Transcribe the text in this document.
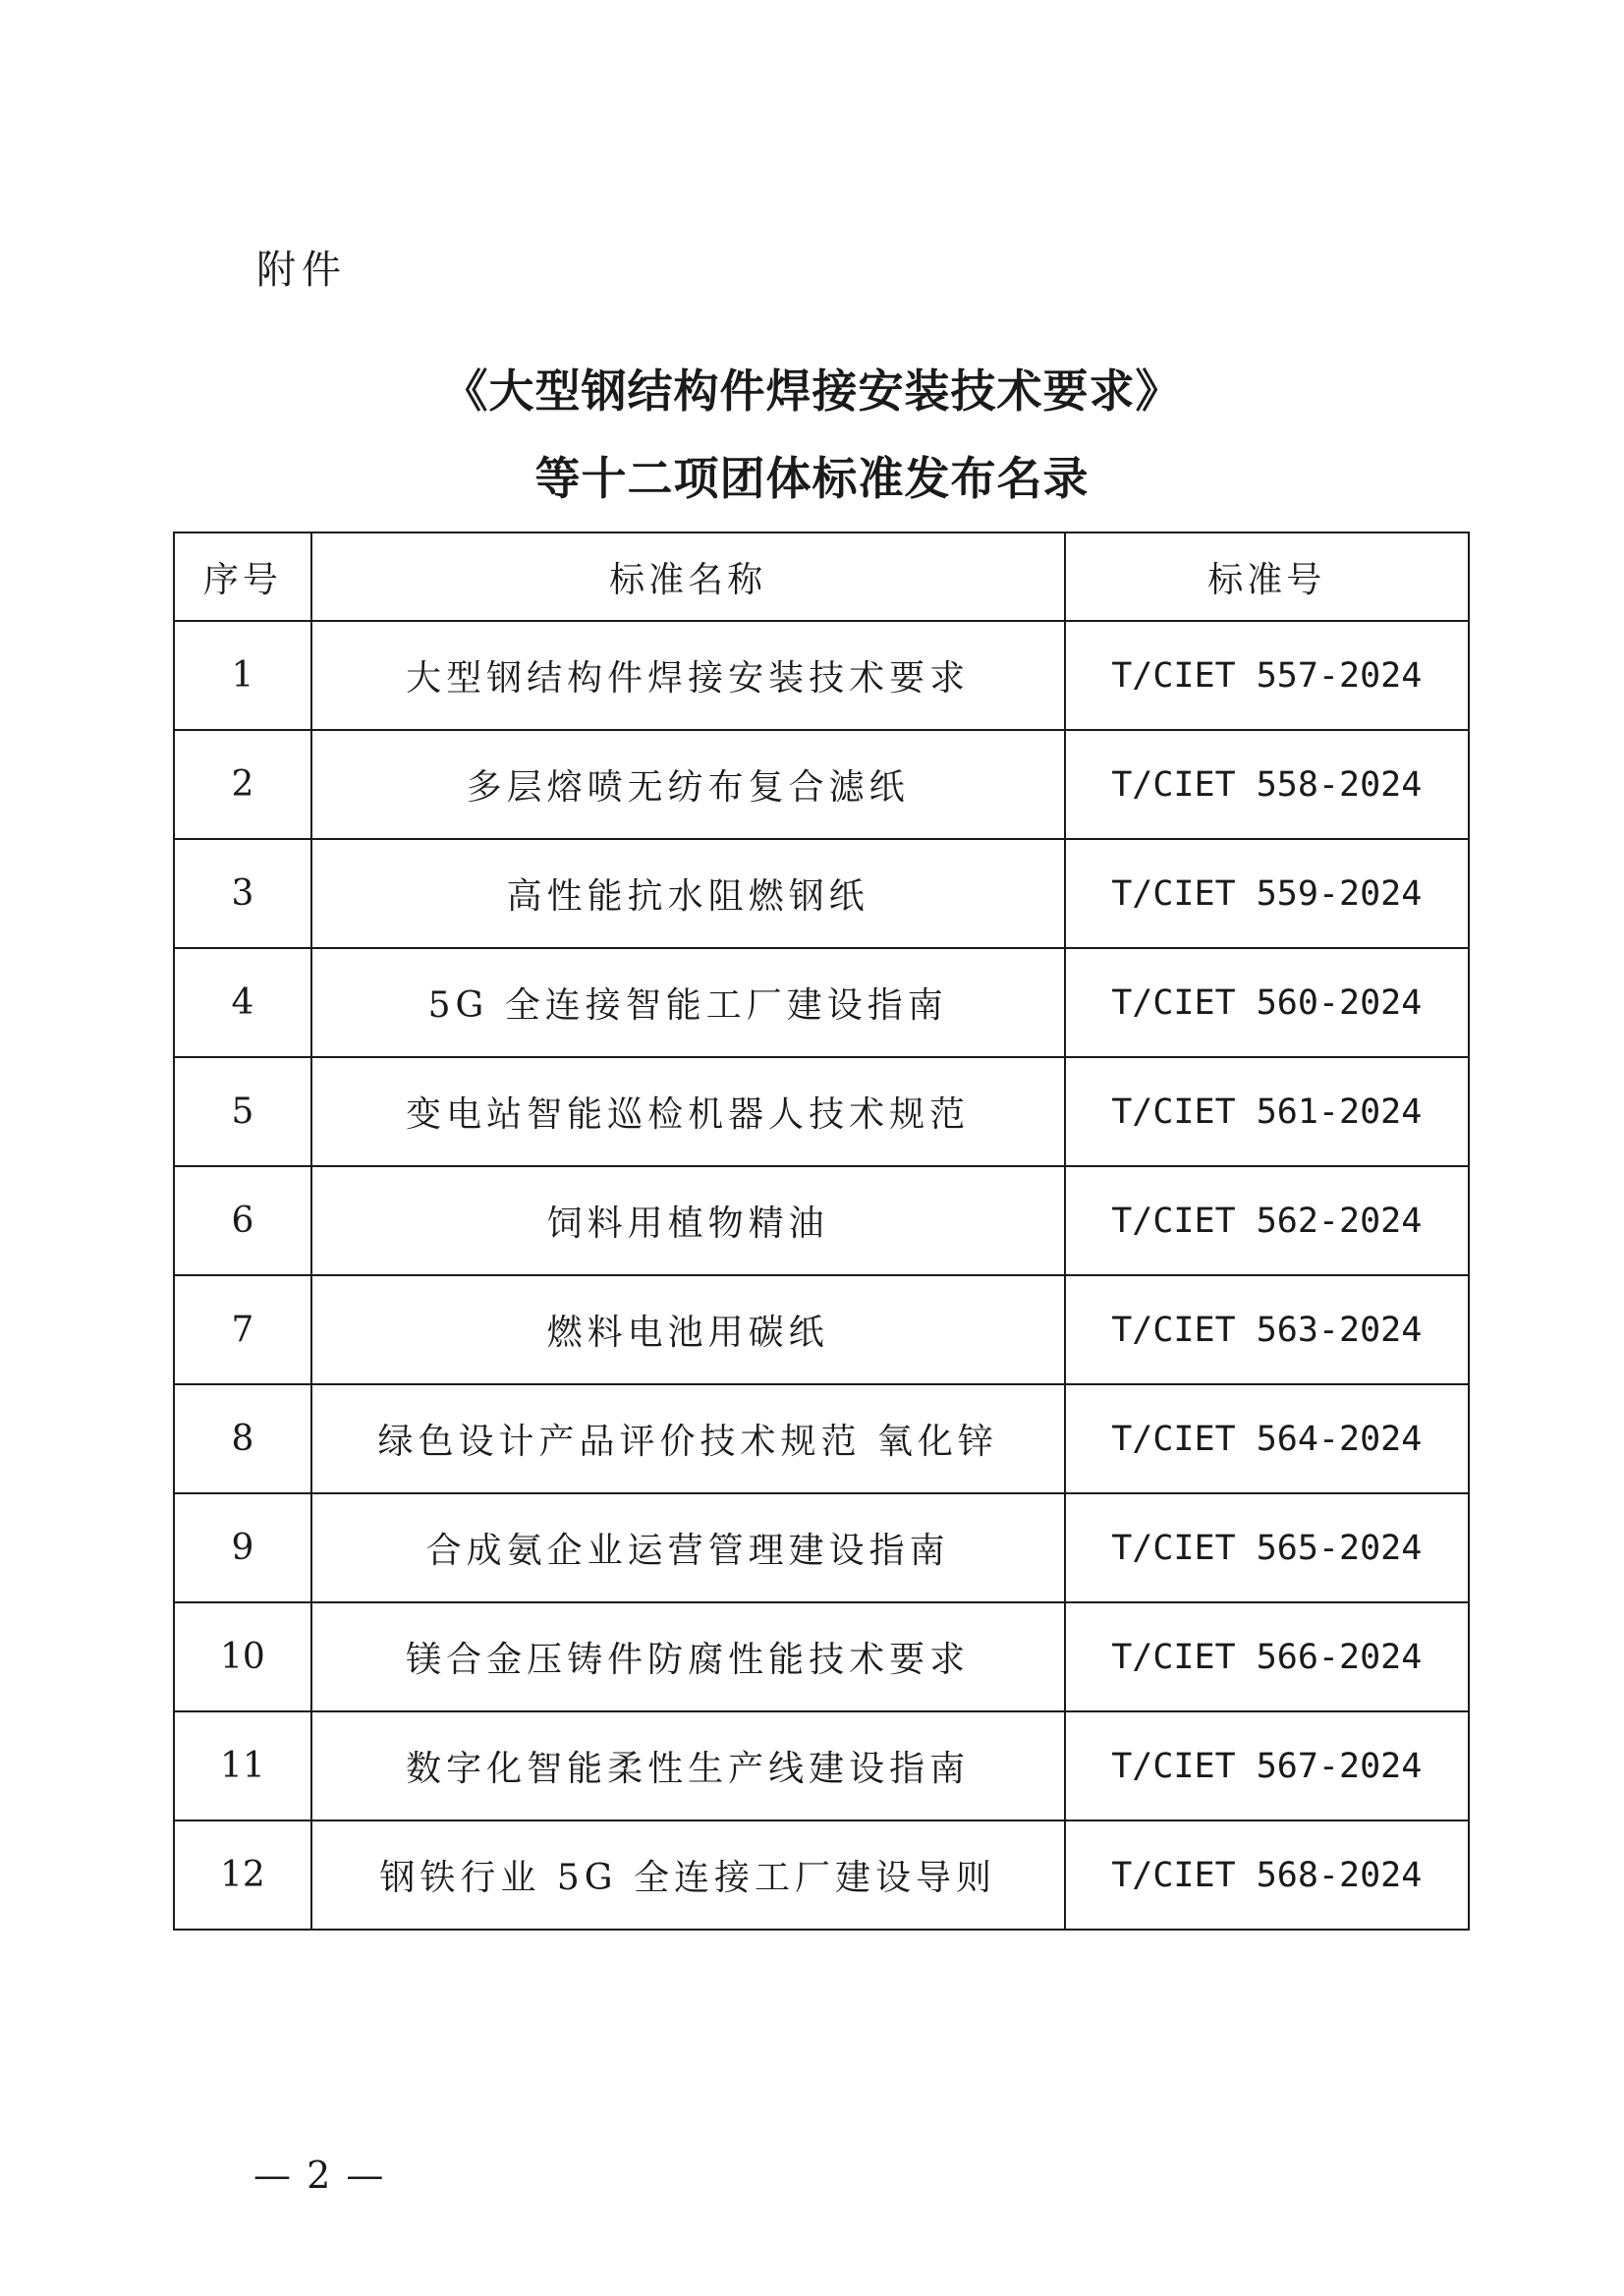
附件
《大型钢结构件焊接安装技术要求》
等十二项团体标准发布名录
序号	标准名称	标准号
1	大型钢结构件焊接安装技术要求	T/CIET 557-2024
2	多层熔喷无纺布复合滤纸	T/CIET 558-2024
3	高性能抗水阻燃钢纸	T/CIET 559-2024
4	5G 全连接智能工厂建设指南	T/CIET 560-2024
5	变电站智能巡检机器人技术规范	T/CIET 561-2024
6	饲料用植物精油	T/CIET 562-2024
7	燃料电池用碳纸	T/CIET 563-2024
8	绿色设计产品评价技术规范 氧化锌	T/CIET 564-2024
9	合成氨企业运营管理建设指南	T/CIET 565-2024
10	镁合金压铸件防腐性能技术要求	T/CIET 566-2024
11	数字化智能柔性生产线建设指南	T/CIET 567-2024
12	钢铁行业 5G 全连接工厂建设导则	T/CIET 568-2024
— 2 —
